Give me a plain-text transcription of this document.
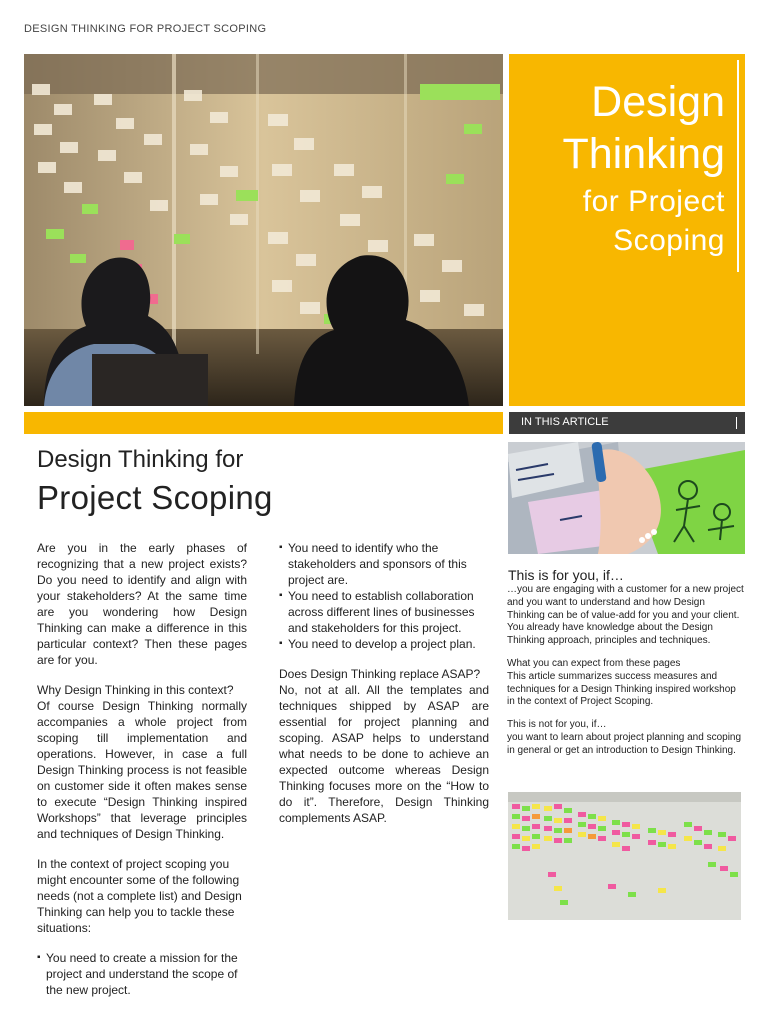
DESIGN THINKING FOR PROJECT SCOPING
Design
Thinking
for Project
Scoping
IN THIS ARTICLE
Design Thinking for
Project Scoping

Are you in the early phases of recognizing that a new project exists? Do you need to identify and align with your stakeholders? At the same time are you wondering how Design Thinking can make a difference in this particular context? Then these pages are for you.

Why Design Thinking in this context?
Of course Design Thinking normally accompanies a whole project from scoping till implementation and operations. However, in case a full Design Thinking process is not feasible on customer side it often makes sense to execute “Design Thinking inspired Workshops” that leverage principles and techniques of Design Thinking.

In the context of project scoping you might encounter some of the following needs (not a complete list) and Design Thinking can help you to tackle these situations:

▪ You need to create a mission for the project and understand the scope of the new project.
▪ You need to identify who the stakeholders and sponsors of this project are.
▪ You need to establish collaboration across different lines of businesses and stakeholders for this project.
▪ You need to develop a project plan.

Does Design Thinking replace ASAP?
No, not at all. All the templates and techniques shipped by ASAP are essential for project planning and scoping. ASAP helps to understand what needs to be done to achieve an expected outcome whereas Design Thinking focuses more on the “How to do it”. Therefore, Design Thinking complements ASAP.

This is for you, if…

…you are engaging with a customer for a new project and you want to understand and how Design Thinking can be of value-add for you and your client. You already have knowledge about the Design Thinking approach, principles and techniques.

What you can expect from these pages
This article summarizes success measures and techniques for a Design Thinking inspired workshop in the context of Project Scoping.

This is not for you, if…
you want to learn about project planning and scoping in general or get an introduction to Design Thinking.
